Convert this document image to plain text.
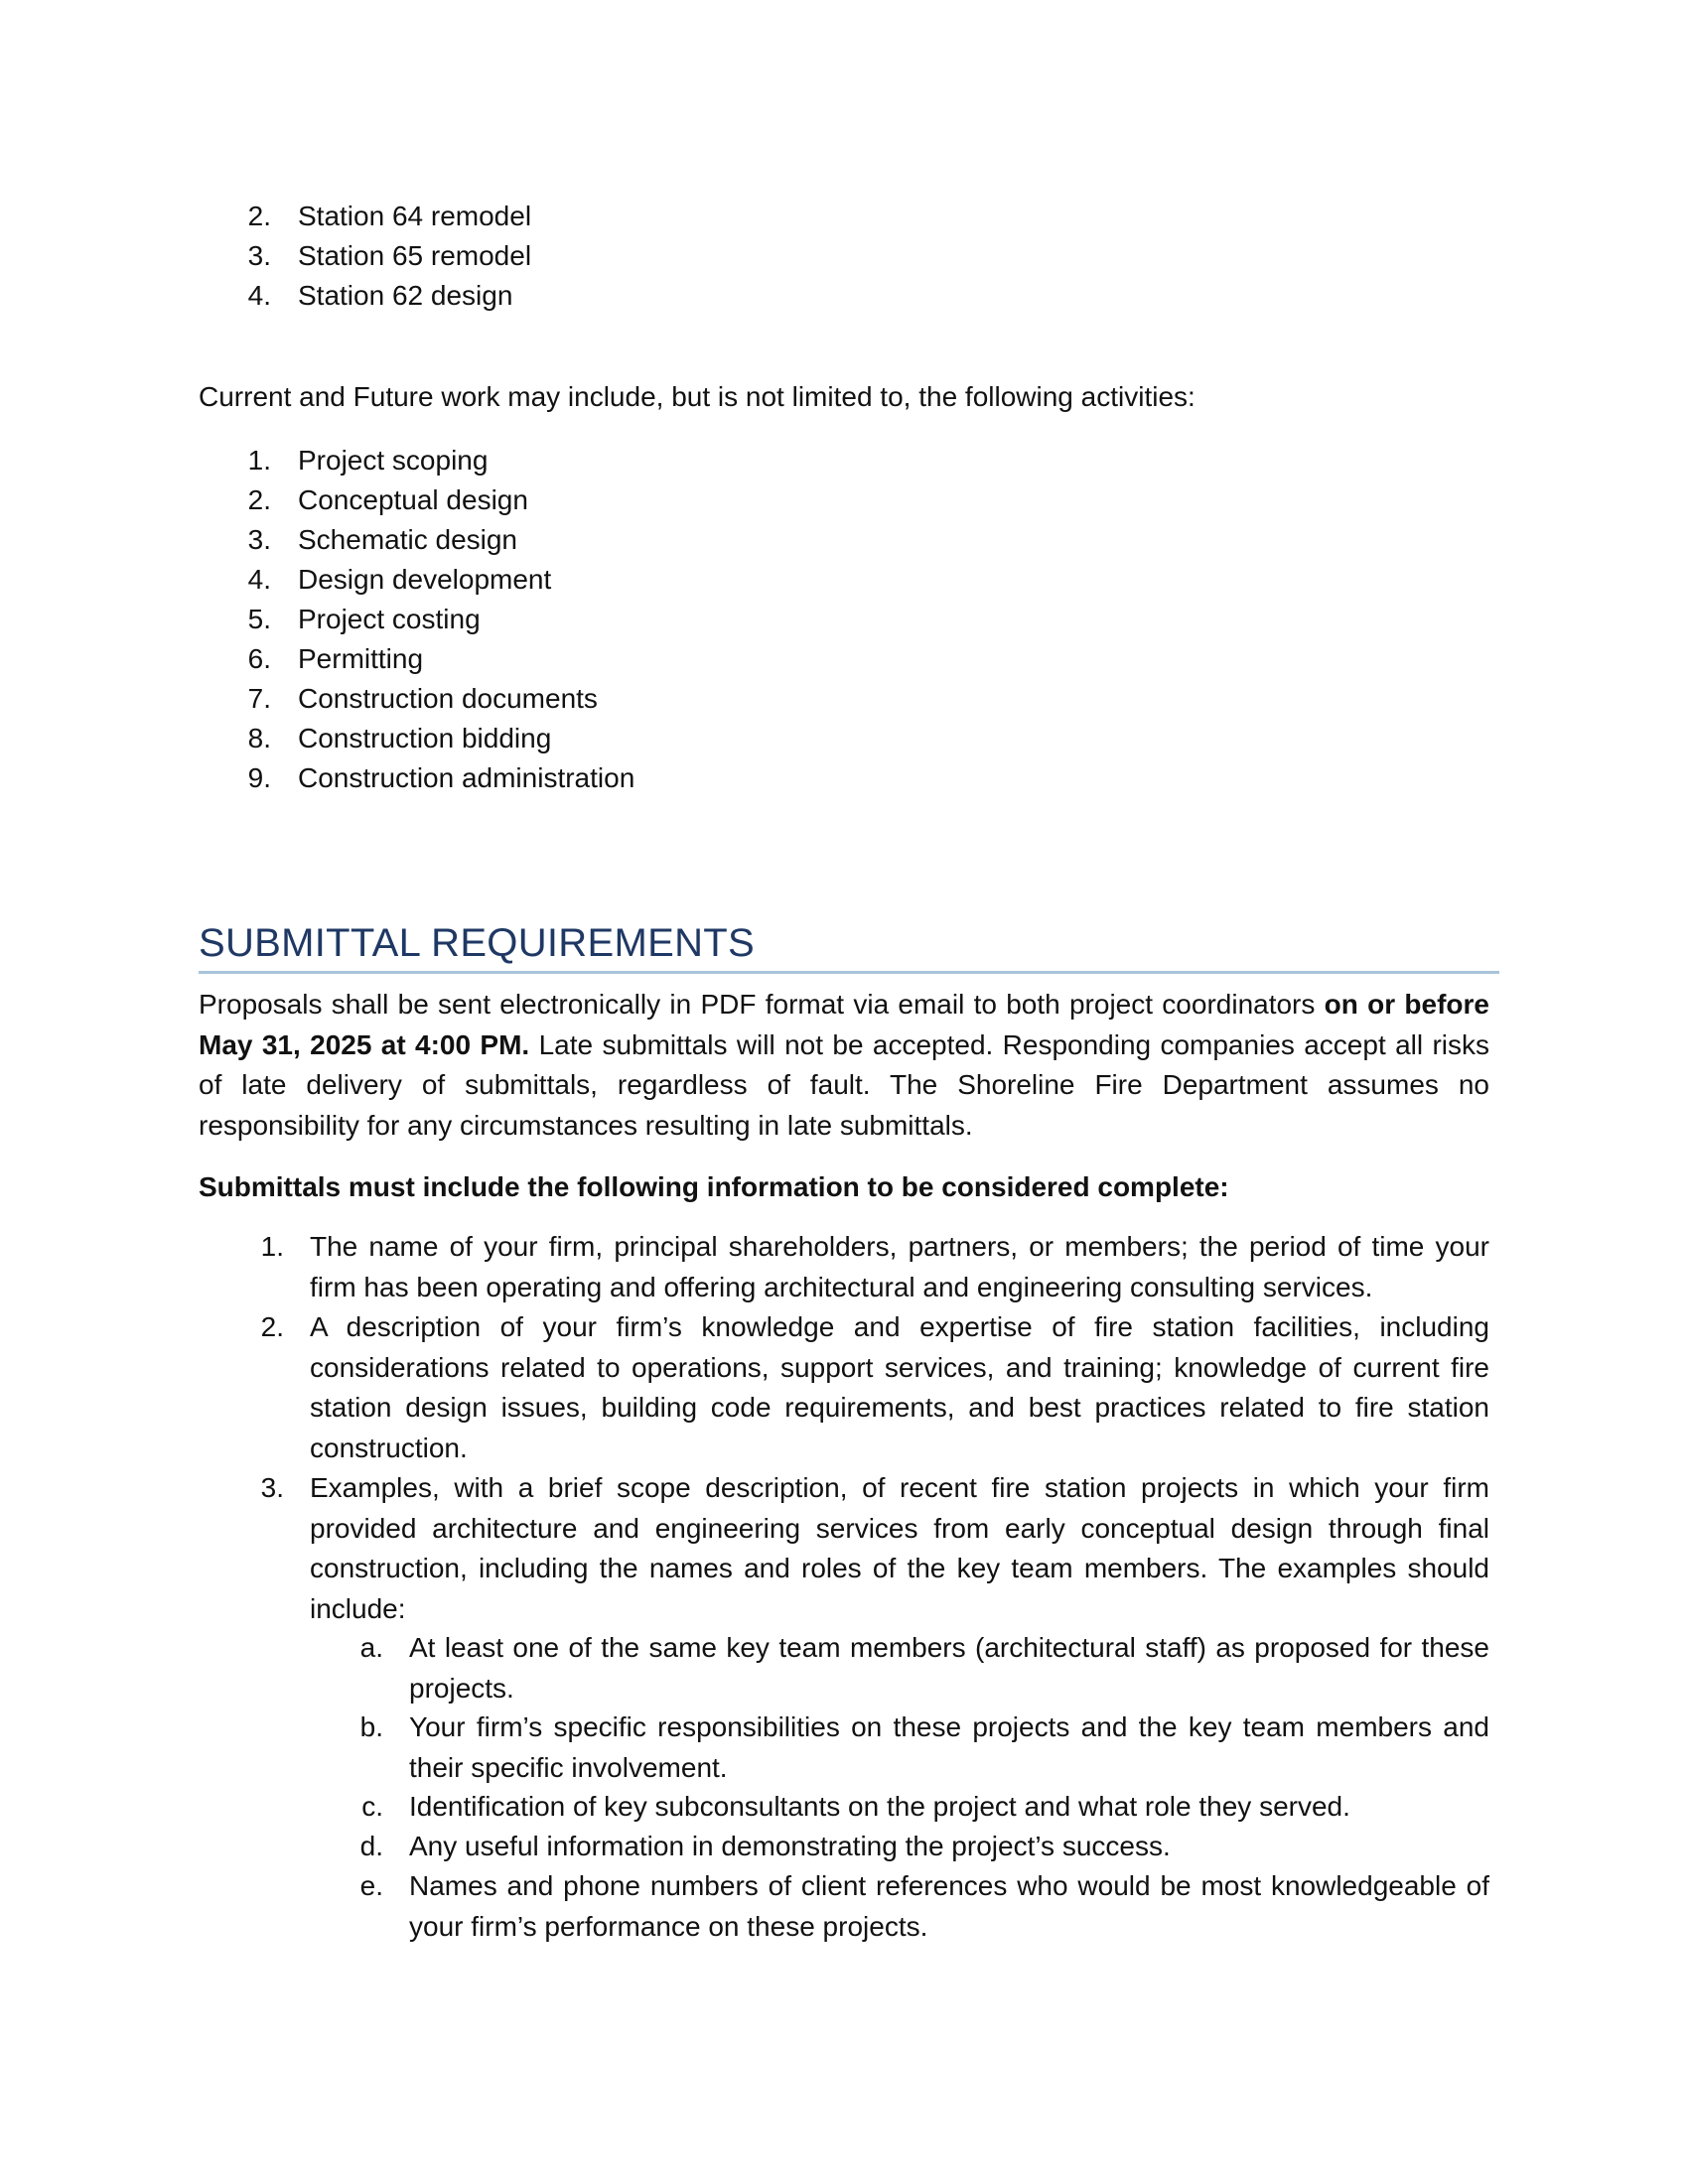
2. Station 64 remodel
3. Station 65 remodel
4. Station 62 design
Current and Future work may include, but is not limited to, the following activities:
1. Project scoping
2. Conceptual design
3. Schematic design
4. Design development
5. Project costing
6. Permitting
7. Construction documents
8. Construction bidding
9. Construction administration
SUBMITTAL REQUIREMENTS
Proposals shall be sent electronically in PDF format via email to both project coordinators on or before May 31, 2025 at 4:00 PM. Late submittals will not be accepted. Responding companies accept all risks of late delivery of submittals, regardless of fault. The Shoreline Fire Department assumes no responsibility for any circumstances resulting in late submittals.
Submittals must include the following information to be considered complete:
1. The name of your firm, principal shareholders, partners, or members; the period of time your firm has been operating and offering architectural and engineering consulting services.
2. A description of your firm’s knowledge and expertise of fire station facilities, including considerations related to operations, support services, and training; knowledge of current fire station design issues, building code requirements, and best practices related to fire station construction.
3. Examples, with a brief scope description, of recent fire station projects in which your firm provided architecture and engineering services from early conceptual design through final construction, including the names and roles of the key team members. The examples should include:
a. At least one of the same key team members (architectural staff) as proposed for these projects.
b. Your firm’s specific responsibilities on these projects and the key team members and their specific involvement.
c. Identification of key subconsultants on the project and what role they served.
d. Any useful information in demonstrating the project’s success.
e. Names and phone numbers of client references who would be most knowledgeable of your firm’s performance on these projects.
